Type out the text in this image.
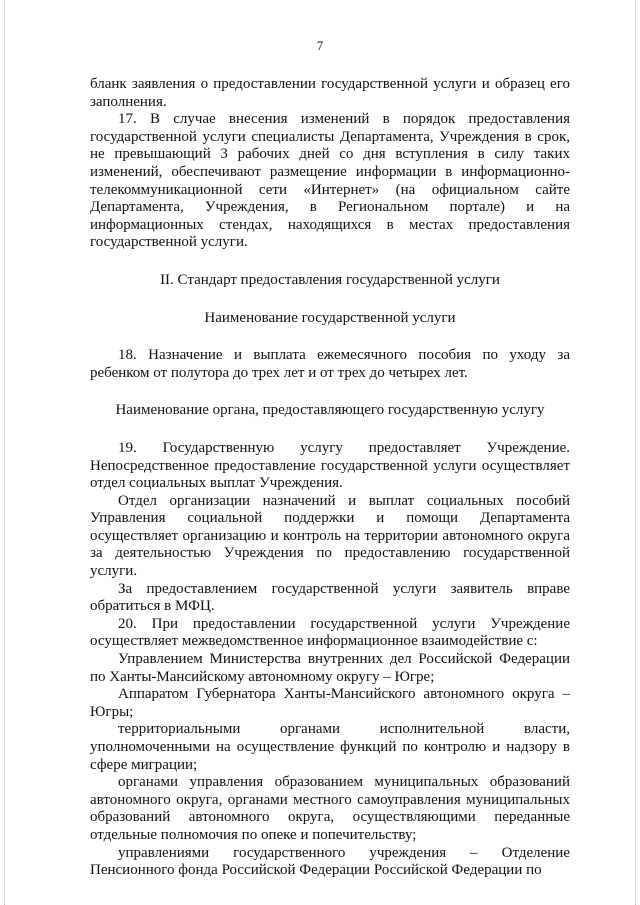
7

бланк заявления о предоставлении государственной услуги и образец его заполнения.

17. В случае внесения изменений в порядок предоставления государственной услуги специалисты Департамента, Учреждения в срок, не превышающий 3 рабочих дней со дня вступления в силу таких изменений, обеспечивают размещение информации в информационно-телекоммуникационной сети «Интернет» (на официальном сайте Департамента, Учреждения, в Региональном портале) и на информационных стендах, находящихся в местах предоставления государственной услуги.

II. Стандарт предоставления государственной услуги

Наименование государственной услуги

18. Назначение и выплата ежемесячного пособия по уходу за ребенком от полутора до трех лет и от трех до четырех лет.

Наименование органа, предоставляющего государственную услугу

19. Государственную услугу предоставляет Учреждение. Непосредственное предоставление государственной услуги осуществляет отдел социальных выплат Учреждения.

Отдел организации назначений и выплат социальных пособий Управления социальной поддержки и помощи Департамента осуществляет организацию и контроль на территории автономного округа за деятельностью Учреждения по предоставлению государственной услуги.

За предоставлением государственной услуги заявитель вправе обратиться в МФЦ.

20. При предоставлении государственной услуги Учреждение осуществляет межведомственное информационное взаимодействие с:

Управлением Министерства внутренних дел Российской Федерации по Ханты-Мансийскому автономному округу – Югре;

Аппаратом Губернатора Ханты-Мансийского автономного округа – Югры;

территориальными органами исполнительной власти, уполномоченными на осуществление функций по контролю и надзору в сфере миграции;

органами управления образованием муниципальных образований автономного округа, органами местного самоуправления муниципальных образований автономного округа, осуществляющими переданные отдельные полномочия по опеке и попечительству;

управлениями государственного учреждения – Отделение Пенсионного фонда Российской Федерации Российской Федерации по
